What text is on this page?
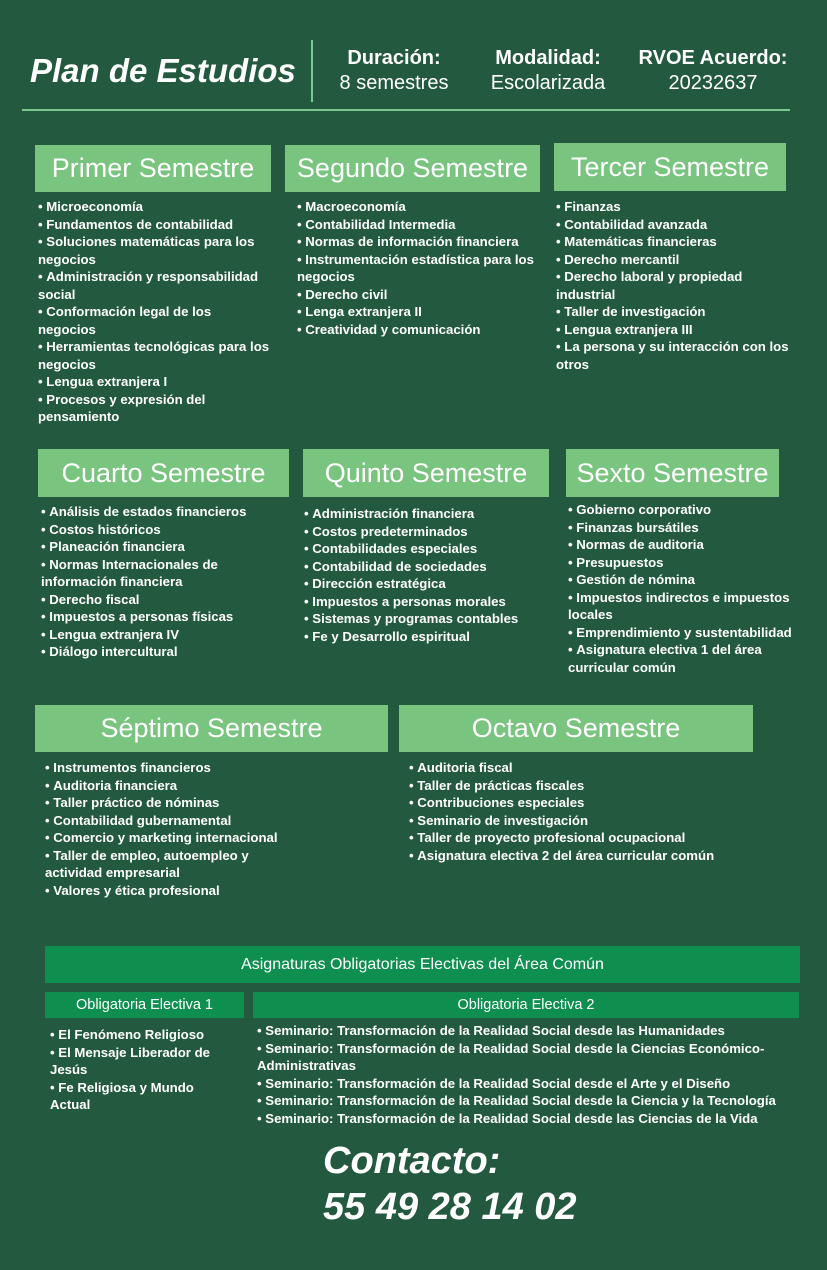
Plan de Estudios	Duración:
8 semestres
Modalidad:
Escolarizada
RVOE Acuerdo:
20232637
Primer Semestre
• Microeconomía
• Fundamentos de contabilidad
• Soluciones matemáticas para los negocios
• Administración y responsabilidad social
• Conformación legal de los negocios
• Herramientas tecnológicas para los negocios
• Lengua extranjera I
• Procesos y expresión del pensamiento
Segundo Semestre
• Macroeconomía
• Contabilidad Intermedia
• Normas de información financiera
• Instrumentación estadística para los negocios
• Derecho civil
• Lenga extranjera II
• Creatividad y comunicación
Tercer Semestre
• Finanzas
• Contabilidad avanzada
• Matemáticas financieras
• Derecho mercantil
• Derecho laboral y propiedad industrial
• Taller de investigación
• Lengua extranjera III
• La persona y su interacción con los otros
Cuarto Semestre
• Análisis de estados financieros
• Costos históricos
• Planeación financiera
• Normas Internacionales de información financiera
• Derecho fiscal
• Impuestos a personas físicas
• Lengua extranjera IV
• Diálogo intercultural
Quinto Semestre
• Administración financiera
• Costos predeterminados
• Contabilidades especiales
• Contabilidad de sociedades
• Dirección estratégica
• Impuestos a personas morales
• Sistemas y programas contables
• Fe y Desarrollo espiritual
Sexto Semestre
• Gobierno corporativo
• Finanzas bursátiles
• Normas de auditoria
• Presupuestos
• Gestión de nómina
• Impuestos indirectos e impuestos locales
• Emprendimiento y sustentabilidad
• Asignatura electiva 1 del área curricular común
Séptimo Semestre
• Instrumentos financieros
• Auditoria financiera
• Taller práctico de nóminas
• Contabilidad gubernamental
• Comercio y marketing internacional
• Taller de empleo, autoempleo y actividad empresarial
• Valores y ética profesional
Octavo Semestre
• Auditoria fiscal
• Taller de prácticas fiscales
• Contribuciones especiales
• Seminario de investigación
• Taller de proyecto profesional ocupacional
• Asignatura electiva 2 del área curricular común
Asignaturas Obligatorias Electivas del Área Común
Obligatoria Electiva 1	Obligatoria Electiva 2
• El Fenómeno Religioso
• El Mensaje Liberador de Jesús
• Fe Religiosa y Mundo Actual
• Seminario: Transformación de la Realidad Social desde las Humanidades
• Seminario: Transformación de la Realidad Social desde la Ciencias Económico-Administrativas
• Seminario: Transformación de la Realidad Social desde el Arte y el Diseño
• Seminario: Transformación de la Realidad Social desde la Ciencia y la Tecnología
• Seminario: Transformación de la Realidad Social desde las Ciencias de la Vida
Contacto:
55 49 28 14 02
